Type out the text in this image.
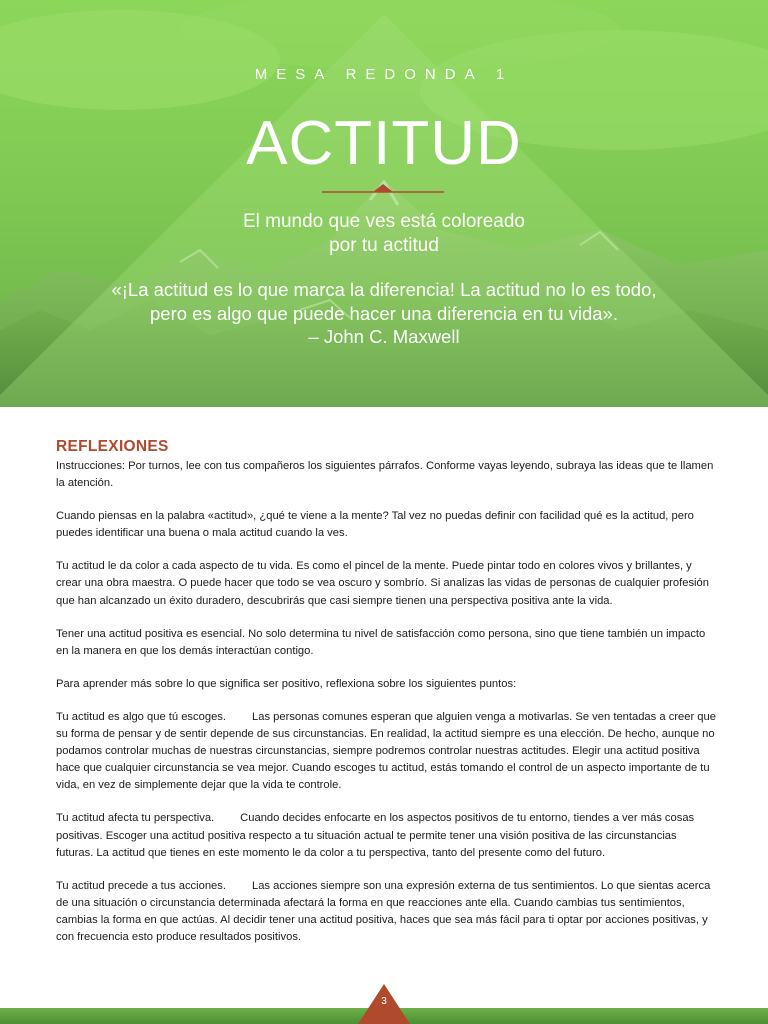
MESA REDONDA 1
ACTITUD
El mundo que ves está coloreado
por tu actitud
«¡La actitud es lo que marca la diferencia! La actitud no lo es todo,
pero es algo que puede hacer una diferencia en tu vida».
– John C. Maxwell
REFLEXIONES

Instrucciones: Por turnos, lee con tus compañeros los siguientes párrafos. Conforme vayas leyendo, subraya las ideas que te llamen la atención.

Cuando piensas en la palabra «actitud», ¿qué te viene a la mente? Tal vez no puedas definir con facilidad qué es la actitud, pero puedes identificar una buena o mala actitud cuando la ves.

Tu actitud le da color a cada aspecto de tu vida. Es como el pincel de la mente. Puede pintar todo en colores vivos y brillantes, y crear una obra maestra. O puede hacer que todo se vea oscuro y sombrío. Si analizas las vidas de personas de cualquier profesión que han alcanzado un éxito duradero, descubrirás que casi siempre tienen una perspectiva positiva ante la vida.

Tener una actitud positiva es esencial. No solo determina tu nivel de satisfacción como persona, sino que tiene también un impacto en la manera en que los demás interactúan contigo.

Para aprender más sobre lo que significa ser positivo, reflexiona sobre los siguientes puntos:

Tu actitud es algo que tú escoges. Las personas comunes esperan que alguien venga a motivarlas. Se ven tentadas a creer que su forma de pensar y de sentir depende de sus circunstancias. En realidad, la actitud siempre es una elección. De hecho, aunque no podamos controlar muchas de nuestras circunstancias, siempre podremos controlar nuestras actitudes. Elegir una actitud positiva hace que cualquier circunstancia se vea mejor. Cuando escoges tu actitud, estás tomando el control de un aspecto importante de tu vida, en vez de simplemente dejar que la vida te controle.

Tu actitud afecta tu perspectiva. Cuando decides enfocarte en los aspectos positivos de tu entorno, tiendes a ver más cosas positivas. Escoger una actitud positiva respecto a tu situación actual te permite tener una visión positiva de las circunstancias futuras. La actitud que tienes en este momento le da color a tu perspectiva, tanto del presente como del futuro.

Tu actitud precede a tus acciones. Las acciones siempre son una expresión externa de tus sentimientos. Lo que sientas acerca de una situación o circunstancia determinada afectará la forma en que reacciones ante ella. Cuando cambias tus sentimientos, cambias la forma en que actúas. Al decidir tener una actitud positiva, haces que sea más fácil para ti optar por acciones positivas, y con frecuencia esto produce resultados positivos.

3
